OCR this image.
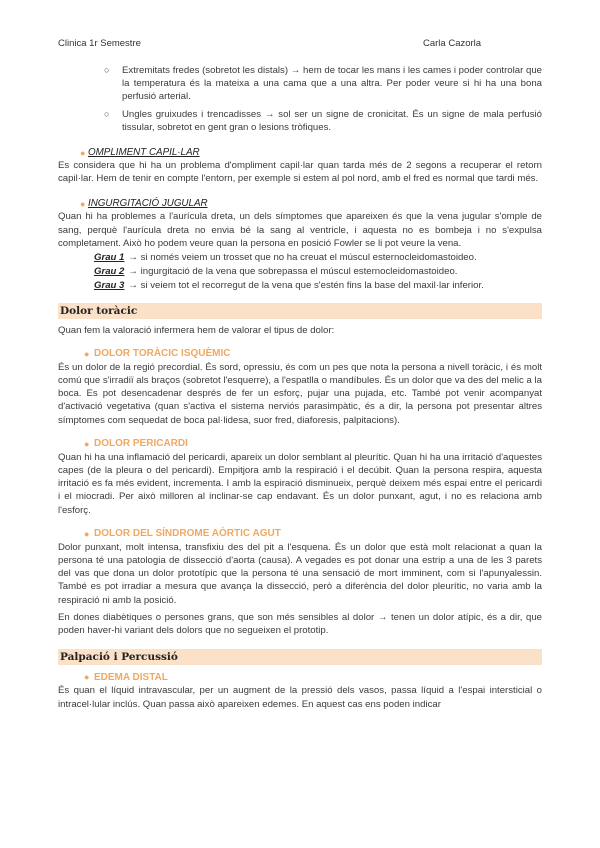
Clinica 1r Semestre	Carla Cazorla
○	Extremitats fredes (sobretot les distals) → hem de tocar les mans i les cames i poder controlar que la temperatura és la mateixa a una cama que a una altra. Per poder veure si hi ha una bona perfusió arterial.

○	Ungles gruixudes i trencadisses → sol ser un signe de cronicitat. És un signe de mala perfusió tissular, sobretot en gent gran o lesions tròfiques.

● OMPLIMENT CAPIL·LAR

Es considera que hi ha un problema d'ompliment capil·lar quan tarda més de 2 segons a recuperar el retorn capil·lar. Hem de tenir en compte l'entorn, per exemple si estem al pol nord, amb el fred es normal que tardi més.

● INGURGITACIÓ JUGULAR

Quan hi ha problemes a l'aurícula dreta, un dels símptomes que apareixen és que la vena jugular s'omple de sang, perquè l'aurícula dreta no envia bé la sang al ventricle, i aquesta no es bombeja i no s'expulsa completament. Això ho podem veure quan la persona en posició Fowler se li pot veure la vena.

Grau 1 → si només veiem un trosset que no ha creuat el múscul esternocleidomastoideo.
Grau 2 → ingurgitació de la vena que sobrepassa el múscul esternocleidomastoideo.
Grau 3 → si veiem tot el recorregut de la vena que s'estén fins la base del maxil·lar inferior.
Dolor toràcic

Quan fem la valoració infermera hem de valorar el tipus de dolor:

● DOLOR TORÀCIC ISQUÈMIC

És un dolor de la regió precordial. És sord, opressiu, és com un pes que nota la persona a nivell toràcic, i és molt comú que s'irradiï als braços (sobretot l'esquerre), a l'espatlla o mandíbules. És un dolor que va des del melic a la boca. Es pot desencadenar després de fer un esforç, pujar una pujada, etc. També pot venir acompanyat d'activació vegetativa (quan s'activa el sistema nerviós parasimpàtic, és a dir, la persona pot presentar altres símptomes com sequedat de boca pal·lidesa, suor fred, diaforesis, palpitacions).

● DOLOR PERICARDI

Quan hi ha una inflamació del pericardi, apareix un dolor semblant al pleurític. Quan hi ha una irritació d'aquestes capes (de la pleura o del pericardi). Empitjora amb la respiració i el decúbit. Quan la persona respira, aquesta irritació es fa més evident, incrementa. I amb la espiració disminueix, perquè deixem més espai entre el pericardi i el miocradi. Per això milloren al inclinar-se cap endavant. És un dolor punxant, agut, i no es relaciona amb l'esforç.

● DOLOR DEL SÍNDROME AÒRTIC AGUT

Dolor punxant, molt intensa, transfixiu des del pit a l'esquena. És un dolor que està molt relacionat a quan la persona té una patologia de dissecció d'aorta (causa). A vegades es pot donar una estrip a una de les 3 parets del vas que dona un dolor prototípic que la persona té una sensació de mort imminent, com si l'apunyalessin. També es pot irradiar a mesura que avança la dissecció, però a diferència del dolor pleurític, no varia amb la respiració ni amb la posició.

En dones diabètiques o persones grans, que son més sensibles al dolor → tenen un dolor atípic, és a dir, que poden haver-hi variant dels dolors que no segueixen el prototip.

Palpació i Percussió
● EDEMA DISTAL

És quan el líquid intravascular, per un augment de la pressió dels vasos, passa líquid a l'espai intersticial o intracel·lular inclús. Quan passa això apareixen edemes. En aquest cas ens poden indicar
